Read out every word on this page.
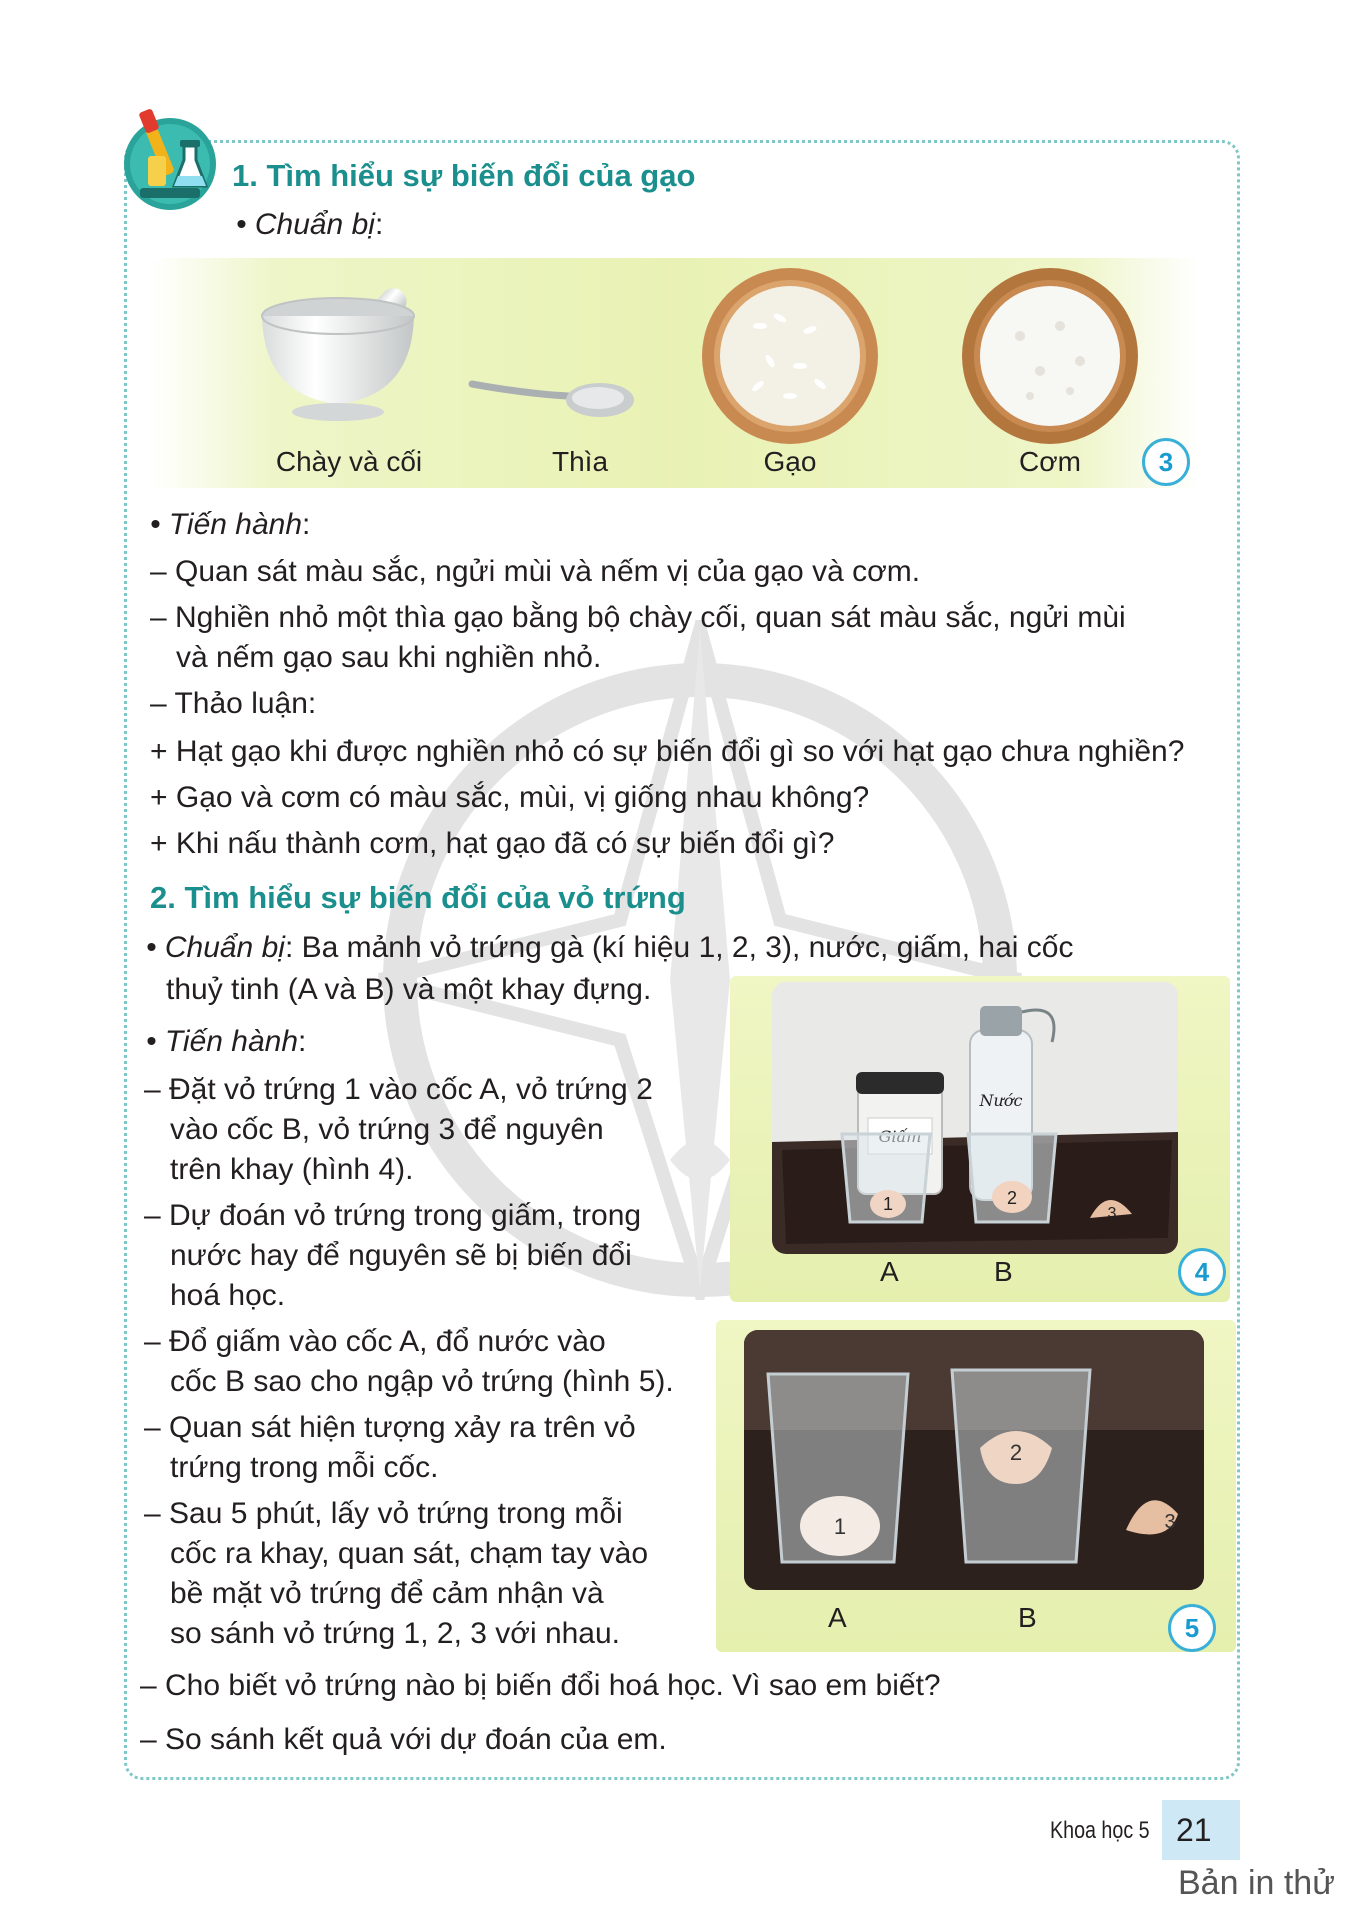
1. Tìm hiểu sự biến đổi của gạo
• Chuẩn bị:
Chày và cối	Thìa	Gạo	Cơm	3
• Tiến hành:
– Quan sát màu sắc, ngửi mùi và nếm vị của gạo và cơm.
– Nghiền nhỏ một thìa gạo bằng bộ chày cối, quan sát màu sắc, ngửi mùi
và nếm gạo sau khi nghiền nhỏ.
– Thảo luận:
+ Hạt gạo khi được nghiền nhỏ có sự biến đổi gì so với hạt gạo chưa nghiền?
+ Gạo và cơm có màu sắc, mùi, vị giống nhau không?
+ Khi nấu thành cơm, hạt gạo đã có sự biến đổi gì?
2. Tìm hiểu sự biến đổi của vỏ trứng
• Chuẩn bị: Ba mảnh vỏ trứng gà (kí hiệu 1, 2, 3), nước, giấm, hai cốc
thuỷ tinh (A và B) và một khay đựng.
• Tiến hành:
– Đặt vỏ trứng 1 vào cốc A, vỏ trứng 2
vào cốc B, vỏ trứng 3 để nguyên
trên khay (hình 4).
– Dự đoán vỏ trứng trong giấm, trong
nước hay để nguyên sẽ bị biến đổi
hoá học.
– Đổ giấm vào cốc A, đổ nước vào
cốc B sao cho ngập vỏ trứng (hình 5).
– Quan sát hiện tượng xảy ra trên vỏ
trứng trong mỗi cốc.
– Sau 5 phút, lấy vỏ trứng trong mỗi
cốc ra khay, quan sát, chạm tay vào
bề mặt vỏ trứng để cảm nhận và
so sánh vỏ trứng 1, 2, 3 với nhau.
Nước
1	2
3
A	B	4
1
2
3
A	B	5
– Cho biết vỏ trứng nào bị biến đổi hoá học. Vì sao em biết?
– So sánh kết quả với dự đoán của em.
Khoa học 5 21
Bản in thử
